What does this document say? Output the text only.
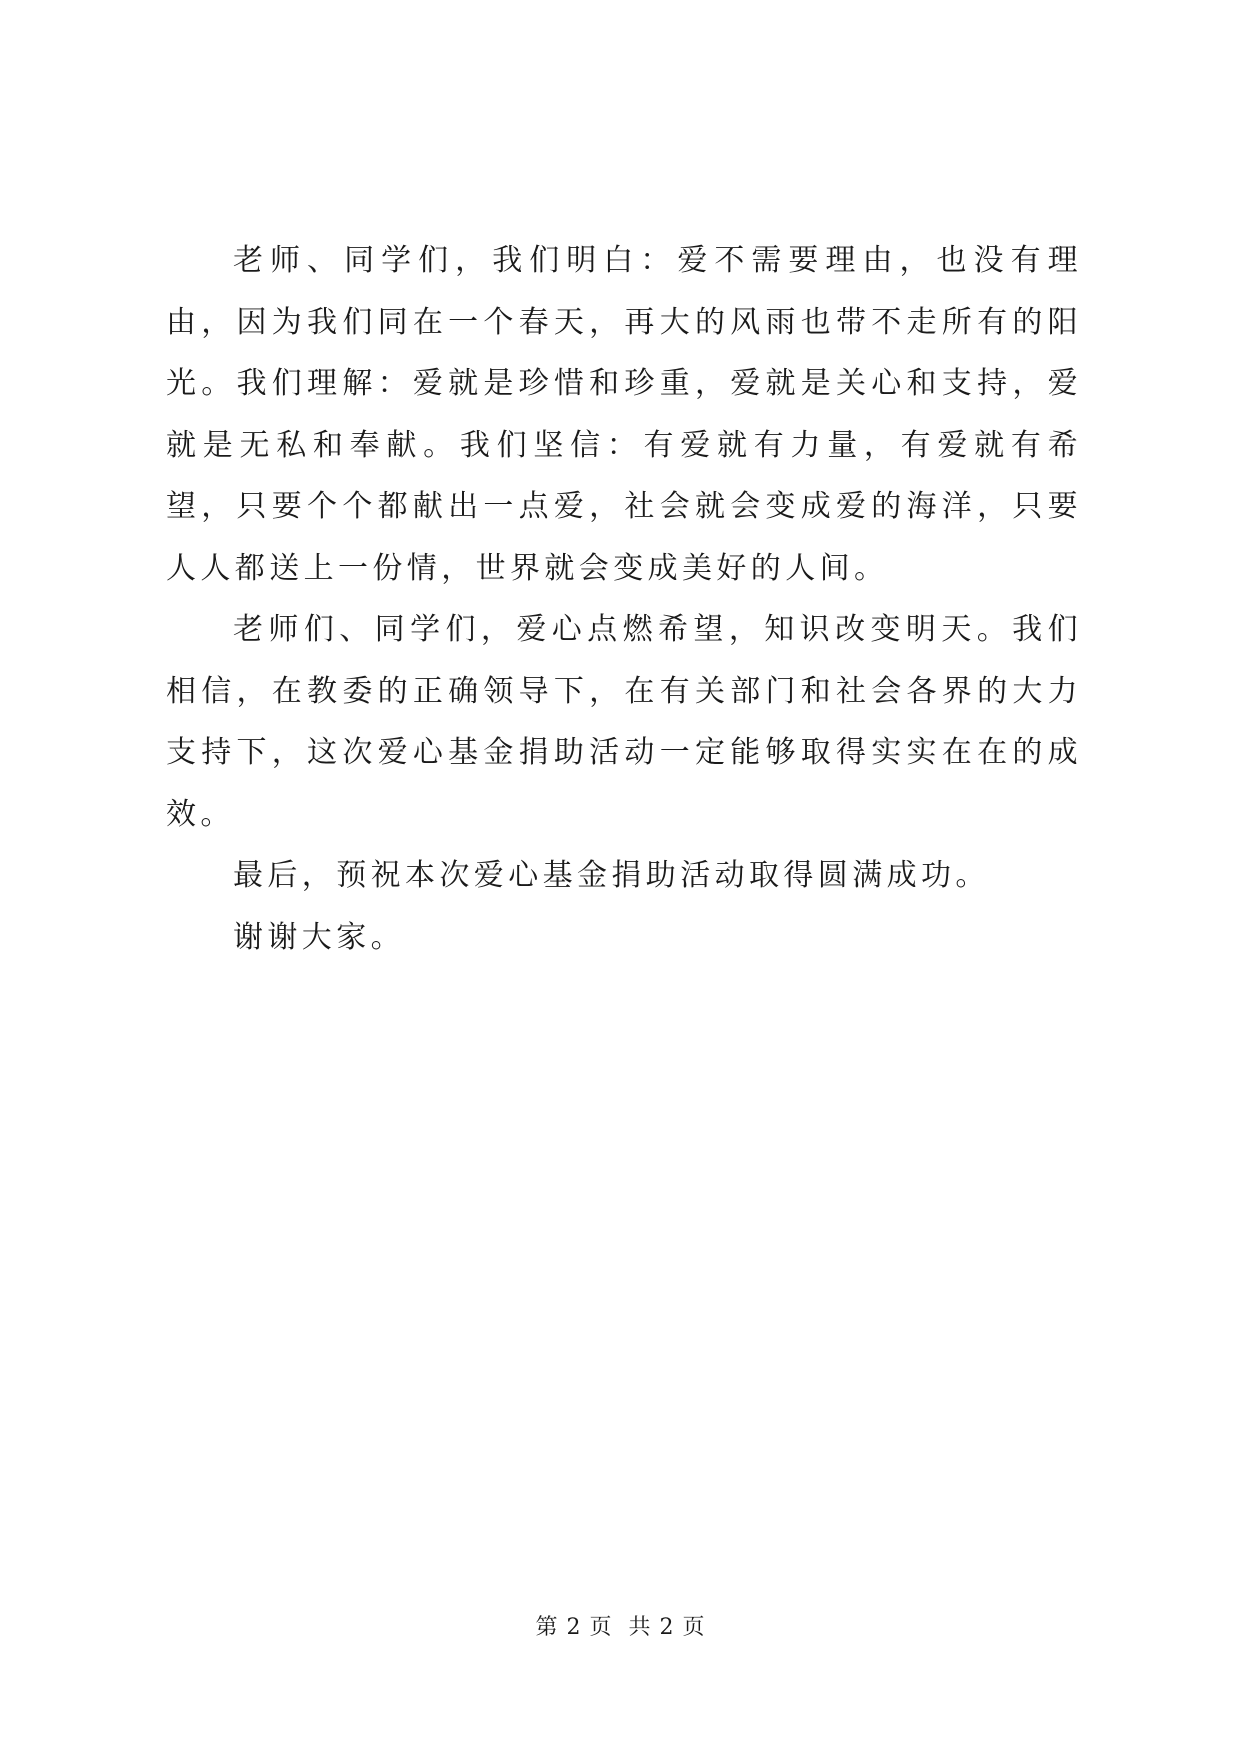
老师、同学们，我们明白：爱不需要理由，也没有理由，因为我们同在一个春天，再大的风雨也带不走所有的阳光。我们理解：爱就是珍惜和珍重，爱就是关心和支持，爱就是无私和奉献。我们坚信：有爱就有力量，有爱就有希望，只要个个都献出一点爱，社会就会变成爱的海洋，只要人人都送上一份情，世界就会变成美好的人间。

老师们、同学们，爱心点燃希望，知识改变明天。我们相信，在教委的正确领导下，在有关部门和社会各界的大力支持下，这次爱心基金捐助活动一定能够取得实实在在的成效。

最后，预祝本次爱心基金捐助活动取得圆满成功。

谢谢大家。

第 2 页  共 2 页
